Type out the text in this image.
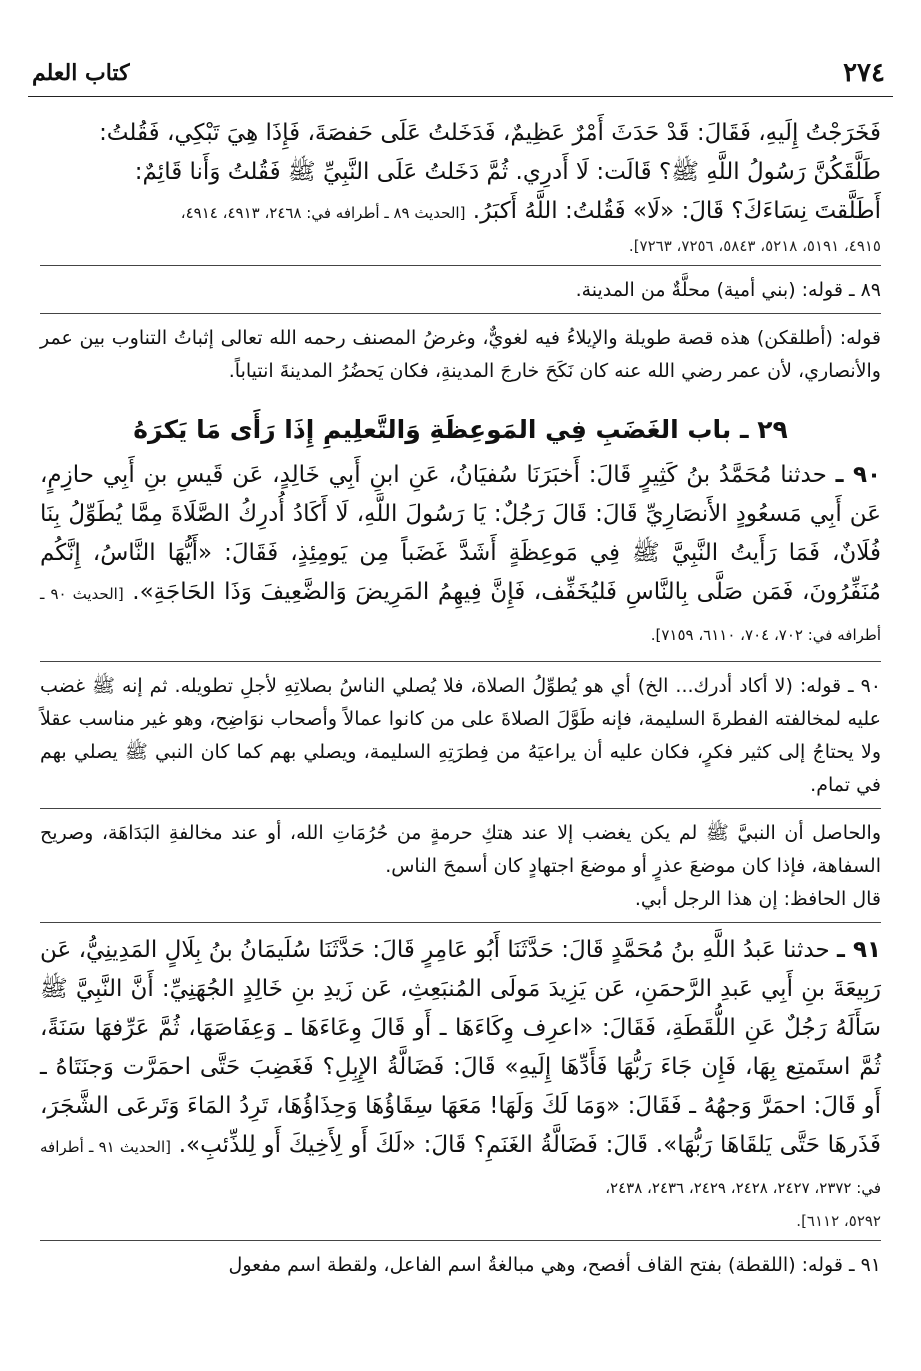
٢٧٤
كتاب العلم

فَخَرَجْتُ إِلَيهِ، فَقَالَ: قَدْ حَدَثَ أَمْرٌ عَظِيمٌ، فَدَخَلتُ عَلَى حَفصَةَ، فَإِذَا هِيَ تَبْكِي، فَقُلتُ:

طَلَّقَكُنَّ رَسُولُ اللَّهِ ﷺ؟ قَالَت: لَا أَدرِي. ثُمَّ دَخَلتُ عَلَى النَّبِيِّ ﷺ فَقُلتُ وَأَنا قَائِمٌ:

أَطَلَّقتَ نِسَاءَكَ؟ قَالَ: «لَا» فَقُلتُ: اللَّهُ أَكبَرُ. [الحديث ٨٩ ـ أطرافه في: ٢٤٦٨، ٤٩١٣، ٤٩١٤،

٤٩١٥، ٥١٩١، ٥٢١٨، ٥٨٤٣، ٧٢٥٦، ٧٢٦٣].

٨٩ ـ قوله: (بني أمية) محلَّةٌ من المدينة.

قوله: (أطلقكن) هذه قصة طويلة والإيلاءُ فيه لغويٌّ، وغرضُ المصنف رحمه الله تعالى إثباتُ التناوب بين عمر والأنصاري، لأن عمر رضي الله عنه كان نَكَحَ خارجَ المدينةِ، فكان يَحضُرُ المدينةَ انتياباً.

٢٩ ـ باب الغَضَبِ فِي المَوعِظَةِ وَالتَّعلِيمِ إِذَا رَأَى مَا يَكرَهُ

٩٠ ـ حدثنا مُحَمَّدُ بنُ كَثِيرٍ قَالَ: أَخبَرَنَا سُفيَانُ، عَنِ ابنِ أَبِي خَالِدٍ، عَن قَيسِ بنِ أَبِي حازِمٍ، عَن أَبِي مَسعُودٍ الأَنصَارِيِّ قَالَ: قَالَ رَجُلٌ: يَا رَسُولَ اللَّهِ، لَا أَكَادُ أُدرِكُ الصَّلَاةَ مِمَّا يُطَوِّلُ بِنَا فُلَانٌ، فَمَا رَأَيتُ النَّبِيَّ ﷺ فِي مَوعِظَةٍ أَشَدَّ غَضَباً مِن يَومِئِذٍ، فَقَالَ: «أَيُّهَا النَّاسُ، إِنَّكُم مُنَفِّرُونَ، فَمَن صَلَّى بِالنَّاسِ فَليُخَفِّف، فَإِنَّ فِيهِمُ المَرِيضَ وَالضَّعِيفَ وَذَا الحَاجَةِ». [الحديث ٩٠ ـ أطرافه في: ٧٠٢، ٧٠٤، ٦١١٠، ٧١٥٩].

٩٠ ـ قوله: (لا أكاد أدرك... الخ) أي هو يُطوِّلُ الصلاة، فلا يُصلي الناسُ بصلاتِهِ لأجلِ تطويله. ثم إنه ﷺ غضب عليه لمخالفته الفطرةَ السليمة، فإنه طَوَّلَ الصلاةَ على من كانوا عمالاً وأصحاب نوَاضِح، وهو غير مناسب عقلاً ولا يحتاجُ إلى كثير فكرٍ، فكان عليه أن يراعيَهُ من فِطرَتِهِ السليمة، ويصلي بهم كما كان النبي ﷺ يصلي بهم في تمام.

والحاصل أن النبيَّ ﷺ لم يكن يغضب إلا عند هتكِ حرمةٍ من حُرُمَاتِ الله، أو عند مخالفةِ البَدَاهَة، وصريح السفاهة، فإذا كان موضعَ عذرٍ أو موضعَ اجتهادٍ كان أسمحَ الناس.

قال الحافظ: إن هذا الرجل أبي.

٩١ ـ حدثنا عَبدُ اللَّهِ بنُ مُحَمَّدٍ قَالَ: حَدَّثَنَا أَبُو عَامِرٍ قَالَ: حَدَّثَنَا سُلَيمَانُ بنُ بِلَالٍ المَدِينِيُّ، عَن رَبِيعَةَ بنِ أَبِي عَبدِ الرَّحمَنِ، عَن يَزِيدَ مَولَى المُنبَعِثِ، عَن زَيدِ بنِ خَالِدٍ الجُهَنِيِّ: أَنَّ النَّبِيَّ ﷺ سَأَلَهُ رَجُلٌ عَنِ اللُّقَطَةِ، فَقَالَ: «اعرِف وِكَاءَهَا ـ أَو قَالَ وِعَاءَهَا ـ وَعِفَاصَهَا، ثُمَّ عَرِّفهَا سَنَةً، ثُمَّ استَمتِع بِهَا، فَإِن جَاءَ رَبُّهَا فَأَدِّهَا إِلَيهِ» قَالَ: فَضَالَّةُ الإِبِلِ؟ فَغَضِبَ حَتَّى احمَرَّت وَجنَتَاهُ ـ أَو قَالَ: احمَرَّ وَجهُهُ ـ فَقَالَ: «وَمَا لَكَ وَلَهَا! مَعَهَا سِقَاؤُهَا وَحِذَاؤُهَا، تَرِدُ المَاءَ وَتَرعَى الشَّجَرَ، فَذَرهَا حَتَّى يَلقَاهَا رَبُّهَا». قَالَ: فَضَالَّةُ الغَنَمِ؟ قَالَ: «لَكَ أَو لِأَخِيكَ أَو لِلذِّئبِ». [الحديث ٩١ ـ أطرافه في: ٢٣٧٢، ٢٤٢٧، ٢٤٢٨، ٢٤٢٩، ٢٤٣٦، ٢٤٣٨،

٥٢٩٢، ٦١١٢].

٩١ ـ قوله: (اللقطة) بفتح القاف أفصح، وهي مبالغةُ اسم الفاعل، ولقطة اسم مفعول
